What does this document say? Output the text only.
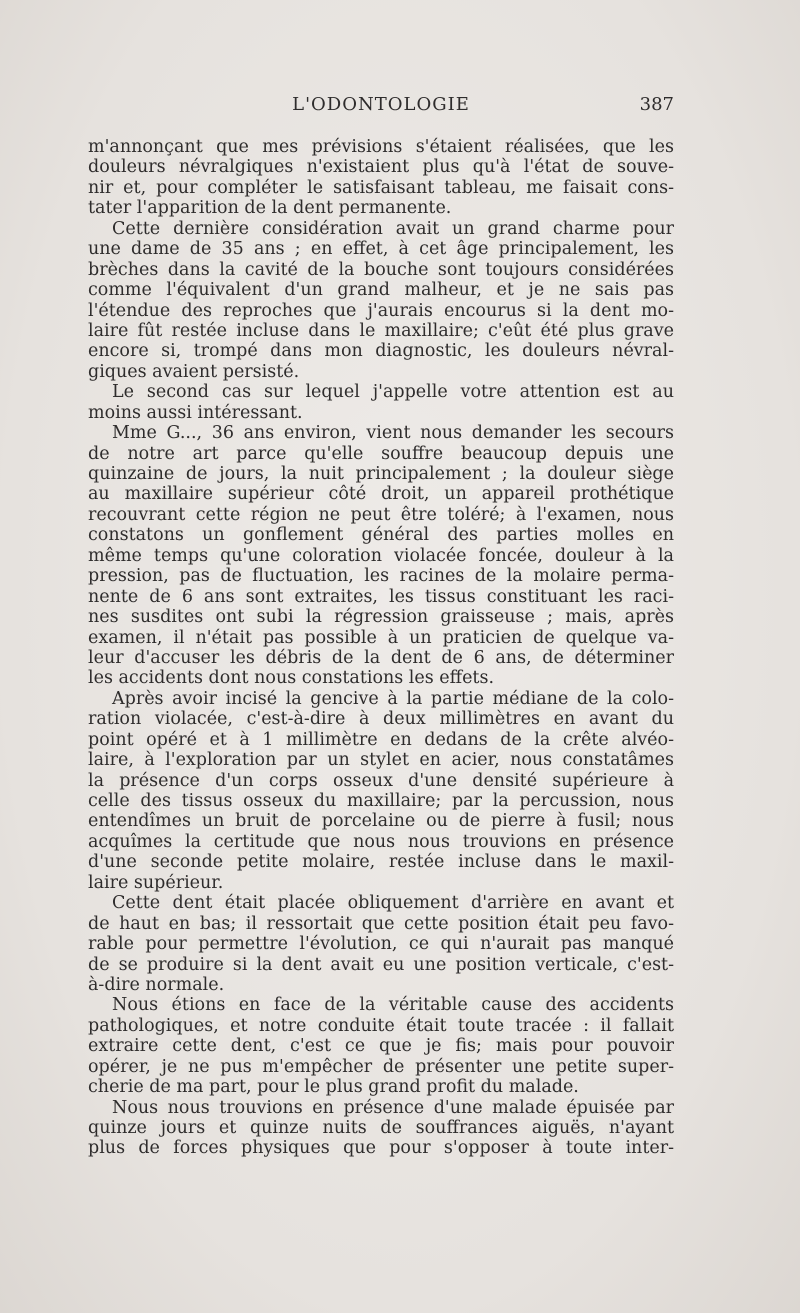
L'ODONTOLOGIE	387
m'annonçant que mes prévisions s'étaient réalisées, que les
douleurs névralgiques n'existaient plus qu'à l'état de souve-
nir et, pour compléter le satisfaisant tableau, me faisait cons-
tater l'apparition de la dent permanente.
Cette dernière considération avait un grand charme pour
une dame de 35 ans ; en effet, à cet âge principalement, les
brèches dans la cavité de la bouche sont toujours considérées
comme l'équivalent d'un grand malheur, et je ne sais pas
l'étendue des reproches que j'aurais encourus si la dent mo-
laire fût restée incluse dans le maxillaire; c'eût été plus grave
encore si, trompé dans mon diagnostic, les douleurs névral-
giques avaient persisté.
Le second cas sur lequel j'appelle votre attention est au
moins aussi intéressant.
Mme G..., 36 ans environ, vient nous demander les secours
de notre art parce qu'elle souffre beaucoup depuis une
quinzaine de jours, la nuit principalement ; la douleur siège
au maxillaire supérieur côté droit, un appareil prothétique
recouvrant cette région ne peut être toléré; à l'examen, nous
constatons un gonflement général des parties molles en
même temps qu'une coloration violacée foncée, douleur à la
pression, pas de fluctuation, les racines de la molaire perma-
nente de 6 ans sont extraites, les tissus constituant les raci-
nes susdites ont subi la régression graisseuse ; mais, après
examen, il n'était pas possible à un praticien de quelque va-
leur d'accuser les débris de la dent de 6 ans, de déterminer
les accidents dont nous constations les effets.
Après avoir incisé la gencive à la partie médiane de la colo-
ration violacée, c'est-à-dire à deux millimètres en avant du
point opéré et à 1 millimètre en dedans de la crête alvéo-
laire, à l'exploration par un stylet en acier, nous constatâmes
la présence d'un corps osseux d'une densité supérieure à
celle des tissus osseux du maxillaire; par la percussion, nous
entendîmes un bruit de porcelaine ou de pierre à fusil; nous
acquîmes la certitude que nous nous trouvions en présence
d'une seconde petite molaire, restée incluse dans le maxil-
laire supérieur.
Cette dent était placée obliquement d'arrière en avant et
de haut en bas; il ressortait que cette position était peu favo-
rable pour permettre l'évolution, ce qui n'aurait pas manqué
de se produire si la dent avait eu une position verticale, c'est-
à-dire normale.
Nous étions en face de la véritable cause des accidents
pathologiques, et notre conduite était toute tracée : il fallait
extraire cette dent, c'est ce que je fis; mais pour pouvoir
opérer, je ne pus m'empêcher de présenter une petite super-
cherie de ma part, pour le plus grand profit du malade.
Nous nous trouvions en présence d'une malade épuisée par
quinze jours et quinze nuits de souffrances aiguës, n'ayant
plus de forces physiques que pour s'opposer à toute inter-
